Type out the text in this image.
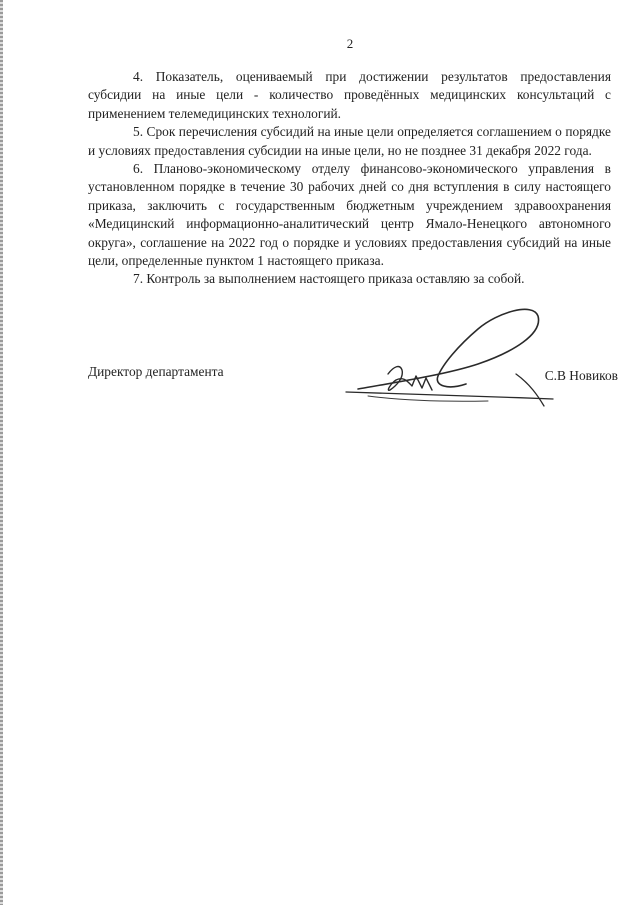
2

4. Показатель, оцениваемый при достижении результатов предоставления субсидии на иные цели - количество проведённых медицинских консультаций с применением телемедицинских технологий.

5. Срок перечисления субсидий на иные цели определяется соглашением о порядке и условиях предоставления субсидии на иные цели, но не позднее 31 декабря 2022 года.

6. Планово-экономическому отделу финансово-экономического управления в установленном порядке в течение 30 рабочих дней со дня вступления в силу настоящего приказа, заключить с государственным бюджетным учреждением здравоохранения «Медицинский информационно-аналитический центр Ямало-Ненецкого автономного округа», соглашение на 2022 год о порядке и условиях предоставления субсидий на иные цели, определенные пунктом 1 настоящего приказа.

7. Контроль за выполнением настоящего приказа оставляю за собой.

Директор департамента	С.В Новиков
